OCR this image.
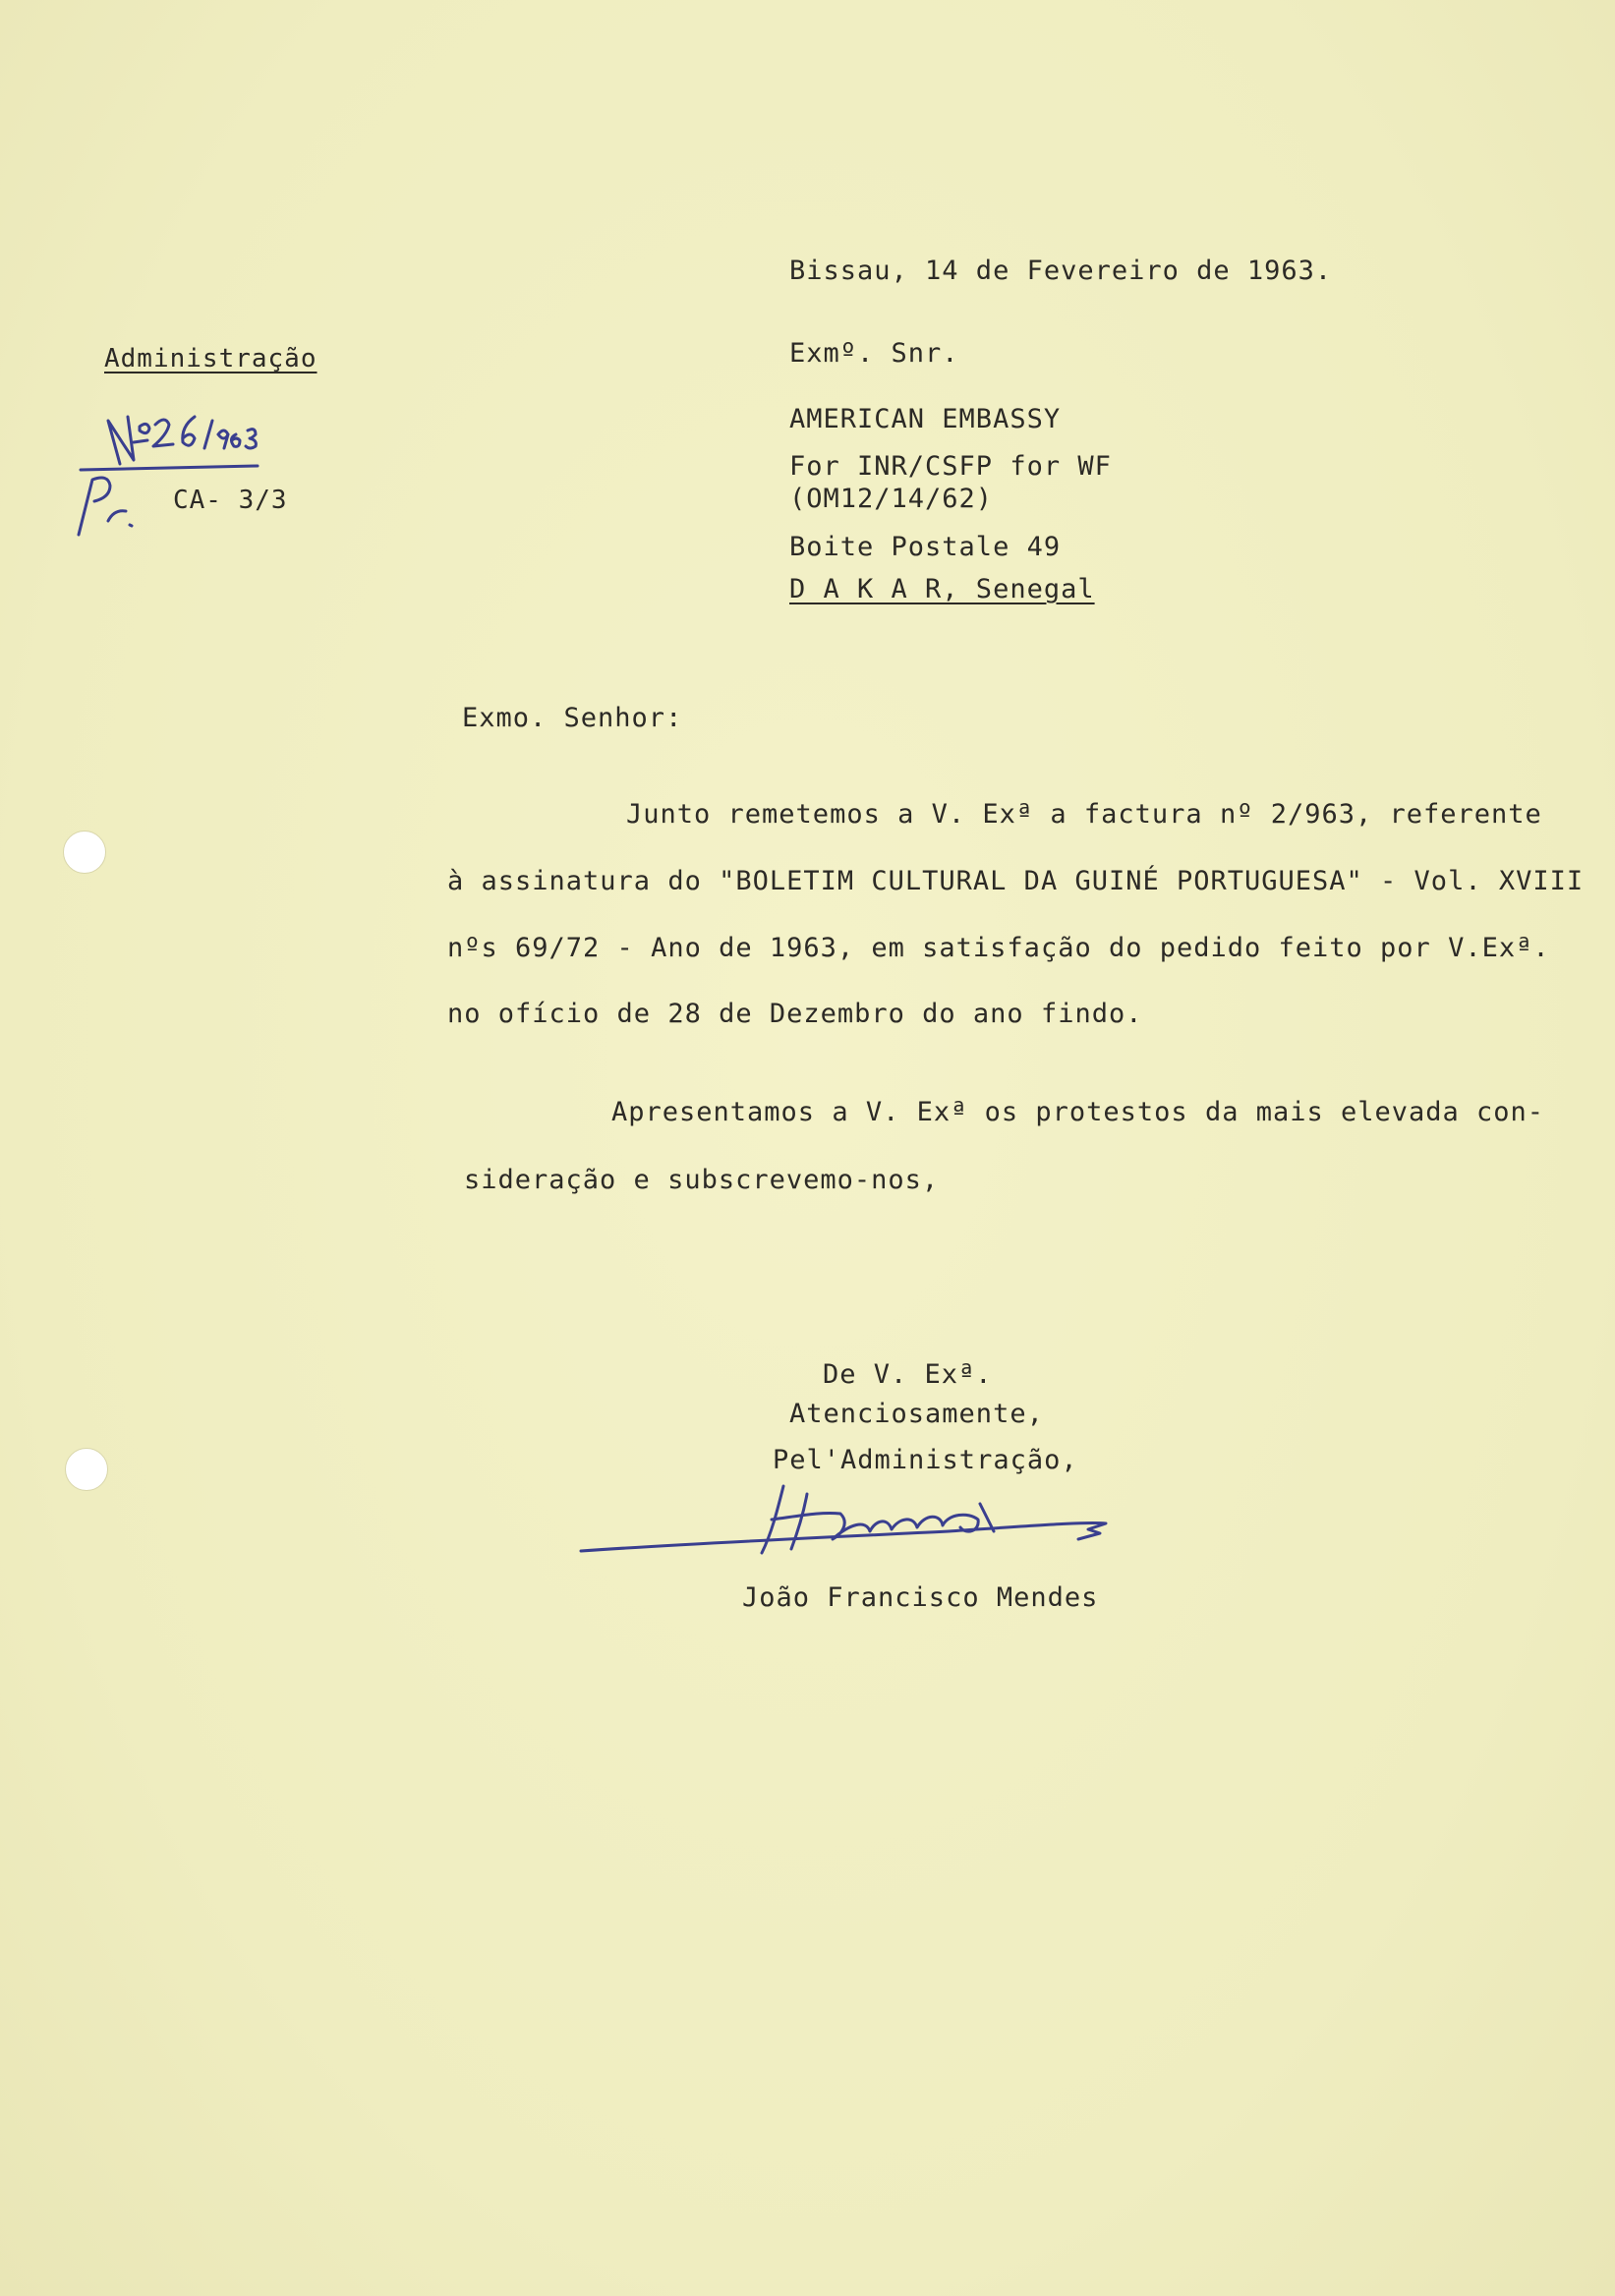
Bissau, 14 de Fevereiro de 1963.

Administração

CA- 3/3

Exmº. Snr.

AMERICAN EMBASSY

For INR/CSFP for WF

(OM12/14/62)

Boite Postale 49

D A K A R, Senegal

Exmo. Senhor:

Junto remetemos a V. Exª a factura nº 2/963, referente

à assinatura do "BOLETIM CULTURAL DA GUINÉ PORTUGUESA" - Vol. XVIII

nºs 69/72 - Ano de 1963, em satisfação do pedido feito por V.Exª.

no ofício de 28 de Dezembro do ano findo.

Apresentamos a V. Exª os protestos da mais elevada con-

sideração e subscrevemo-nos,

De V. Exª.

Atenciosamente,

Pel'Administração,

João Francisco Mendes
